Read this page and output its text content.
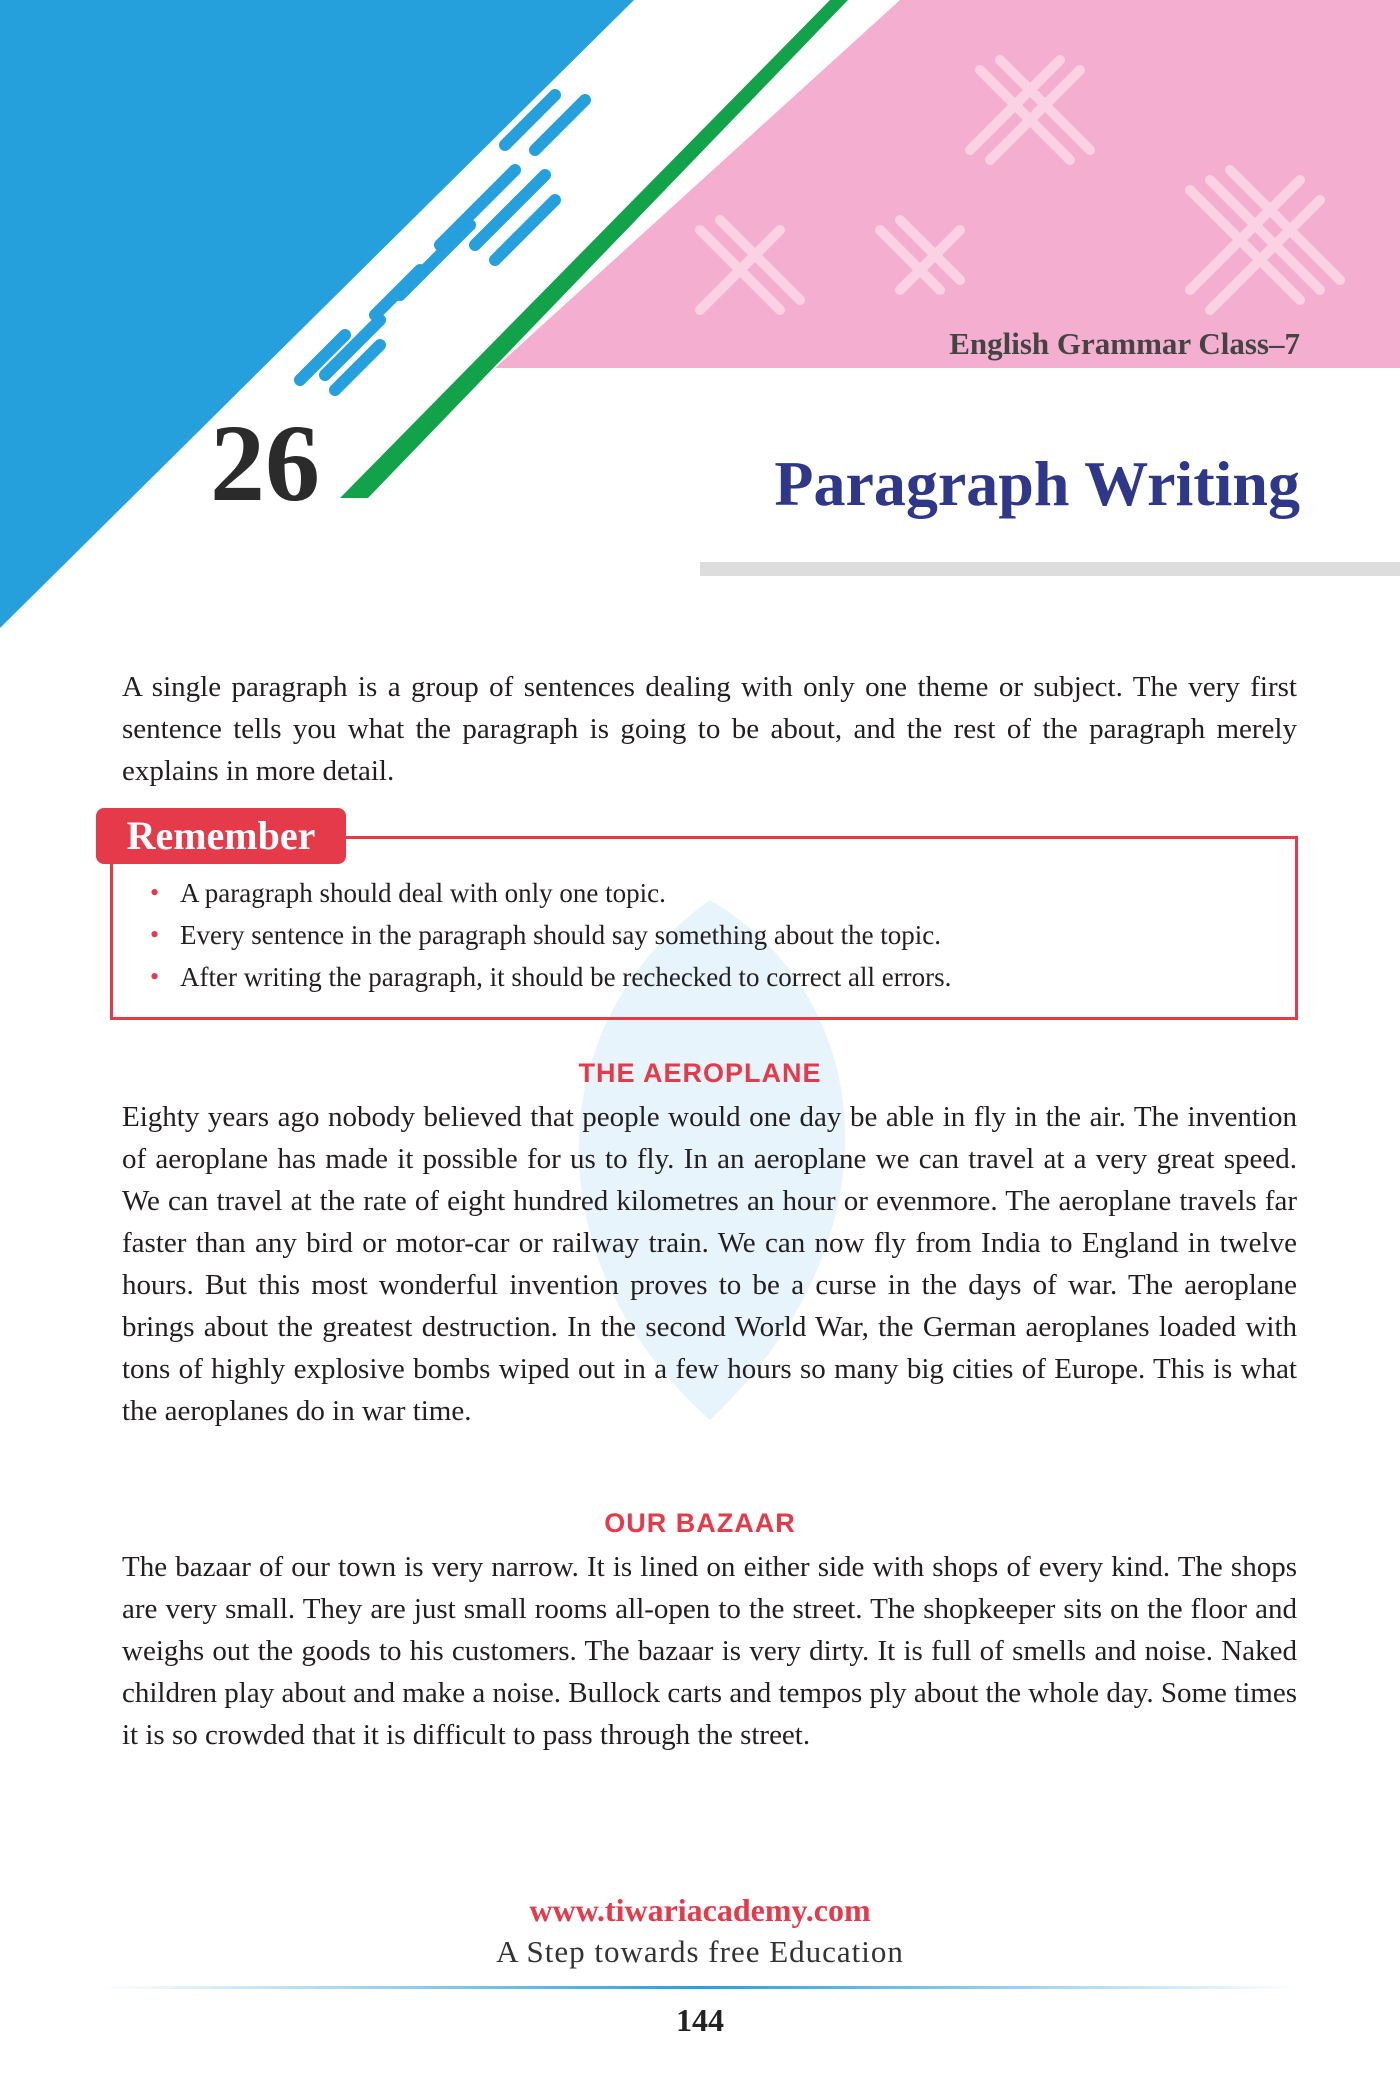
English Grammar Class–7
26	Paragraph Writing
A single paragraph is a group of sentences dealing with only one theme or subject. The very first sentence tells you what the paragraph is going to be about, and the rest of the paragraph merely explains in more detail.
Remember
• A paragraph should deal with only one topic.
• Every sentence in the paragraph should say something about the topic.
• After writing the paragraph, it should be rechecked to correct all errors.
THE AEROPLANE
Eighty years ago nobody believed that people would one day be able in fly in the air. The invention of aeroplane has made it possible for us to fly. In an aeroplane we can travel at a very great speed. We can travel at the rate of eight hundred kilometres an hour or evenmore. The aeroplane travels far faster than any bird or motor-car or railway train. We can now fly from India to England in twelve hours. But this most wonderful invention proves to be a curse in the days of war. The aeroplane brings about the greatest destruction. In the second World War, the German aeroplanes loaded with tons of highly explosive bombs wiped out in a few hours so many big cities of Europe. This is what the aeroplanes do in war time.
OUR BAZAAR
The bazaar of our town is very narrow. It is lined on either side with shops of every kind. The shops are very small. They are just small rooms all-open to the street. The shopkeeper sits on the floor and weighs out the goods to his customers. The bazaar is very dirty. It is full of smells and noise. Naked children play about and make a noise. Bullock carts and tempos ply about the whole day. Some times it is so crowded that it is difficult to pass through the street.
www.tiwariacademy.com
A Step towards free Education
144
